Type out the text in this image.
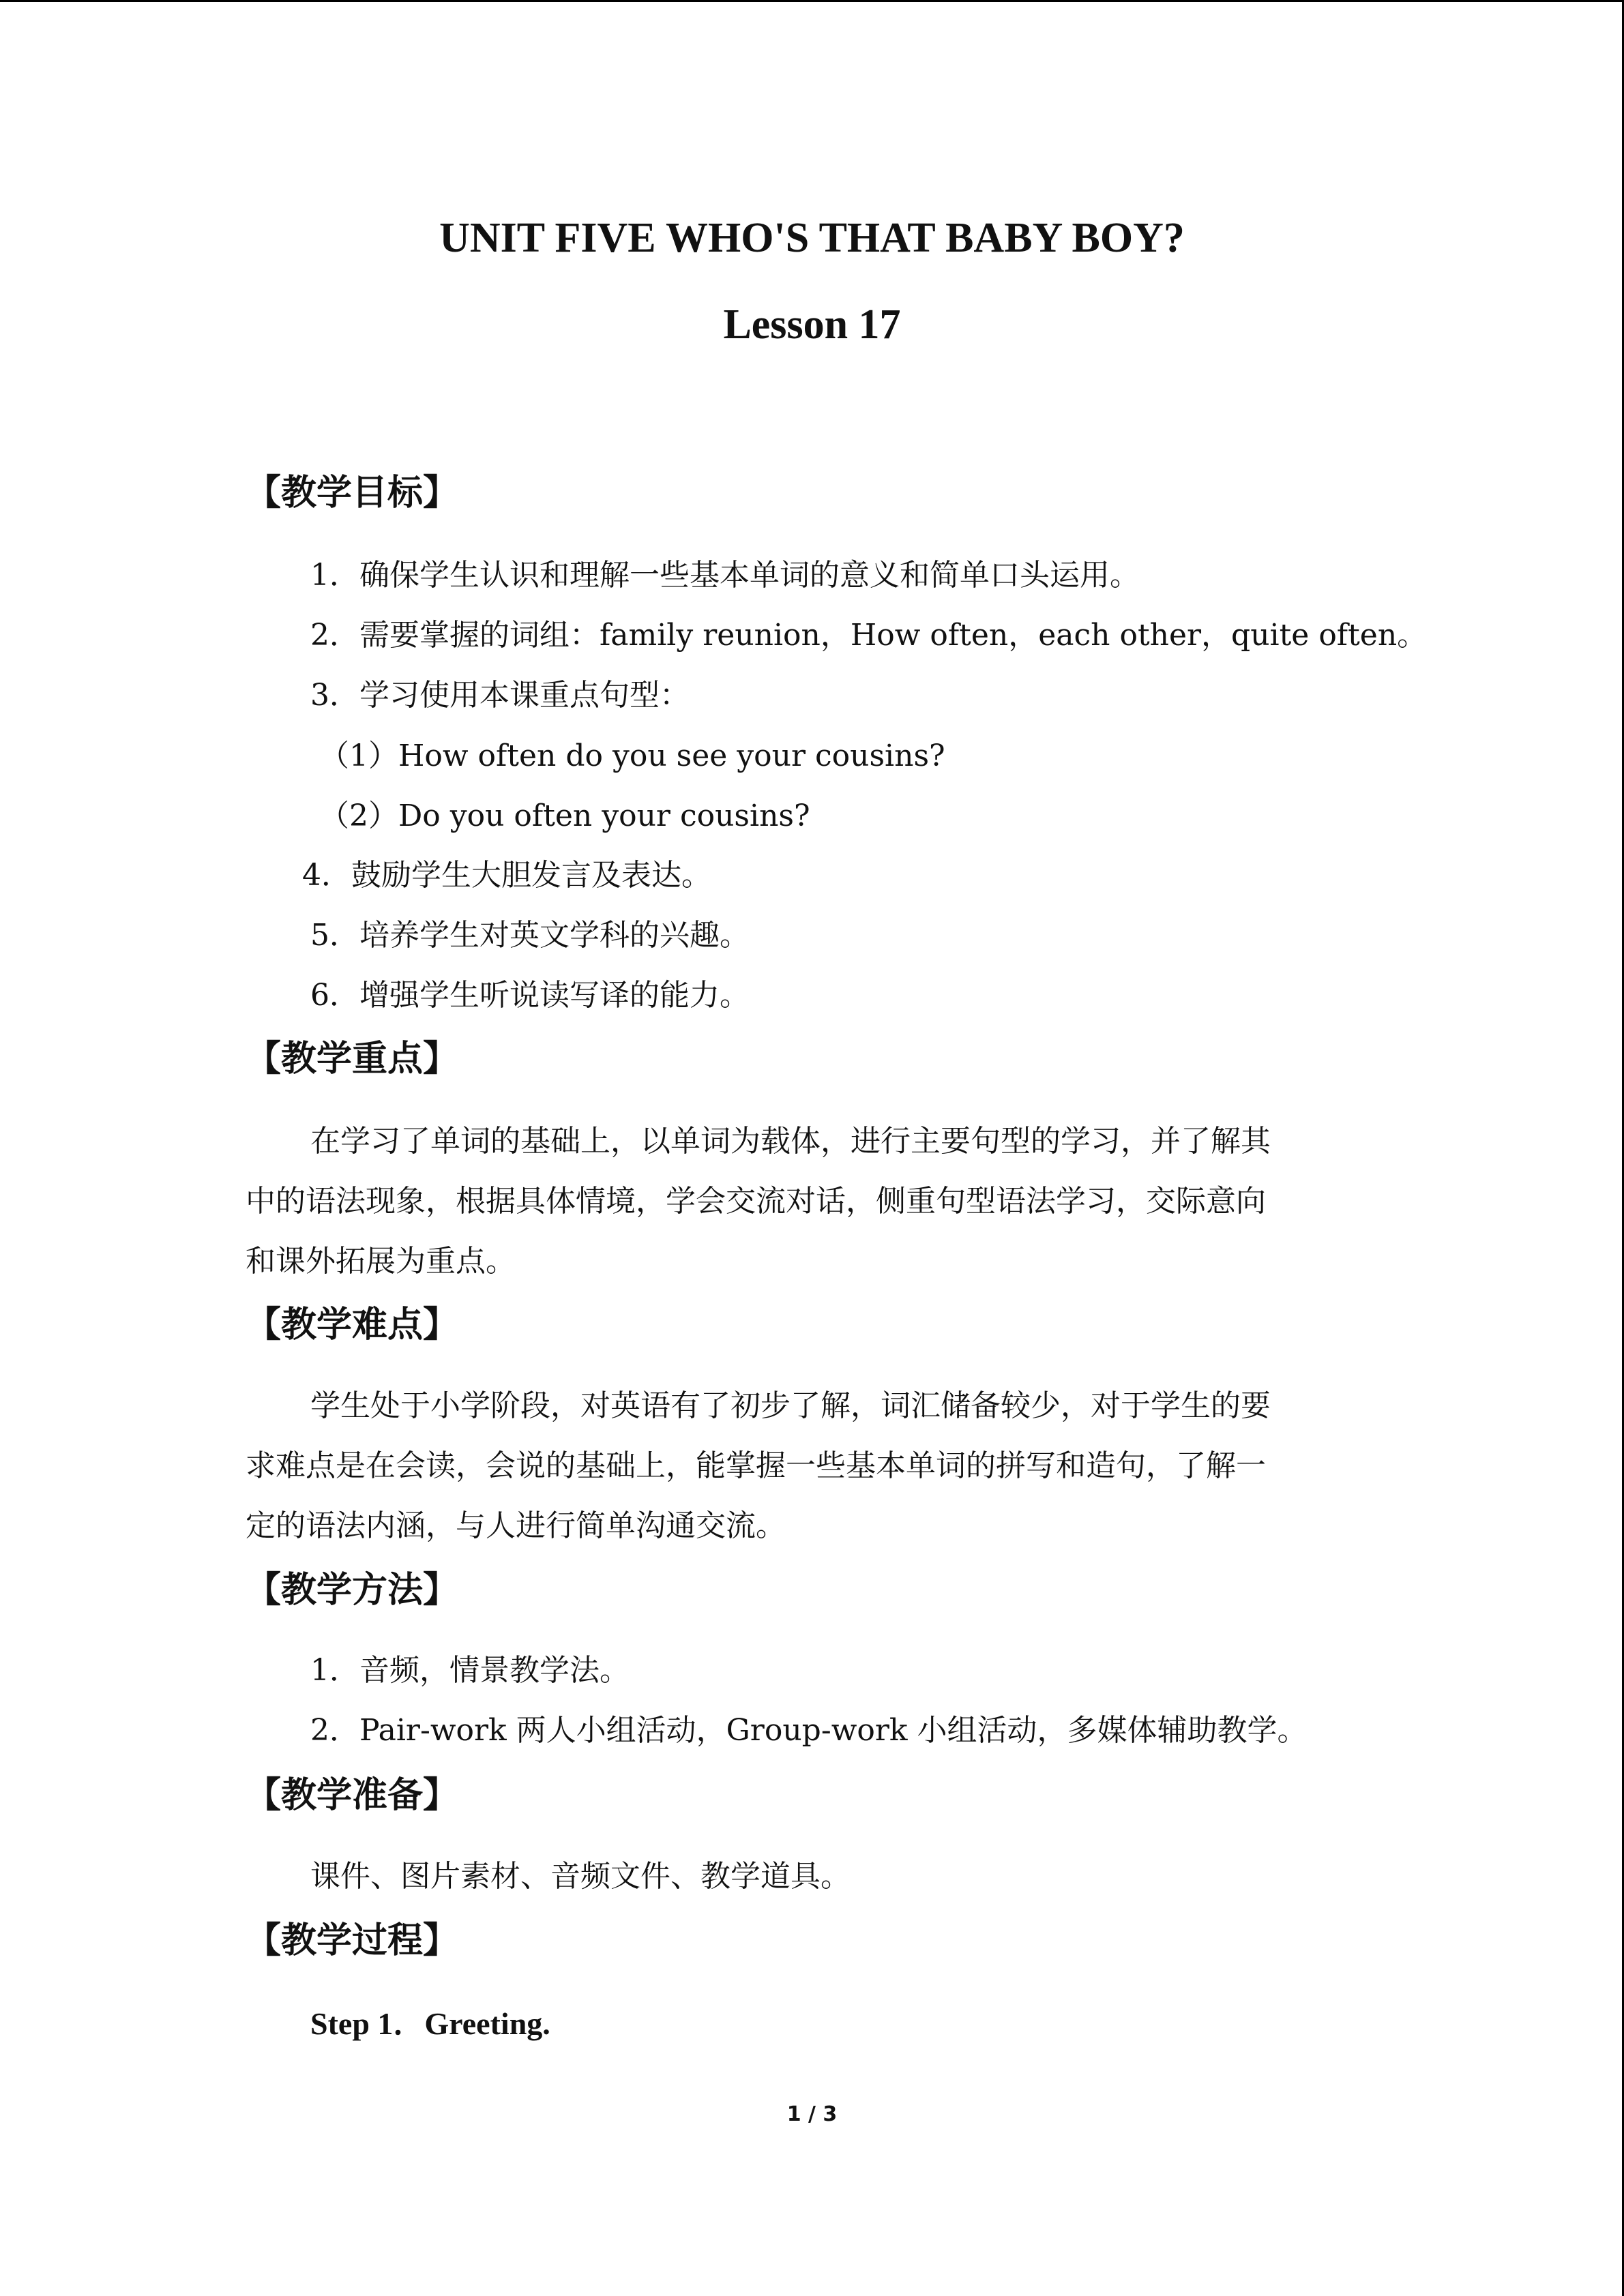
UNIT FIVE WHO'S THAT BABY BOY?
Lesson 17
【教学目标】
1．确保学生认识和理解一些基本单词的意义和简单口头运用。
2．需要掌握的词组：family reunion，How often，each other，quite often。
3．学习使用本课重点句型：
（1）How often do you see your cousins?
（2）Do you often your cousins?
4．鼓励学生大胆发言及表达。
5．培养学生对英文学科的兴趣。
6．增强学生听说读写译的能力。
【教学重点】
在学习了单词的基础上，以单词为载体，进行主要句型的学习，并了解其
中的语法现象，根据具体情境，学会交流对话，侧重句型语法学习，交际意向
和课外拓展为重点。
【教学难点】
学生处于小学阶段，对英语有了初步了解，词汇储备较少，对于学生的要
求难点是在会读，会说的基础上，能掌握一些基本单词的拼写和造句，了解一
定的语法内涵，与人进行简单沟通交流。
【教学方法】
1．音频，情景教学法。
2．Pair-work 两人小组活动，Group-work 小组活动，多媒体辅助教学。
【教学准备】
课件、图片素材、音频文件、教学道具。
【教学过程】
Step 1．Greeting.
1 / 3
